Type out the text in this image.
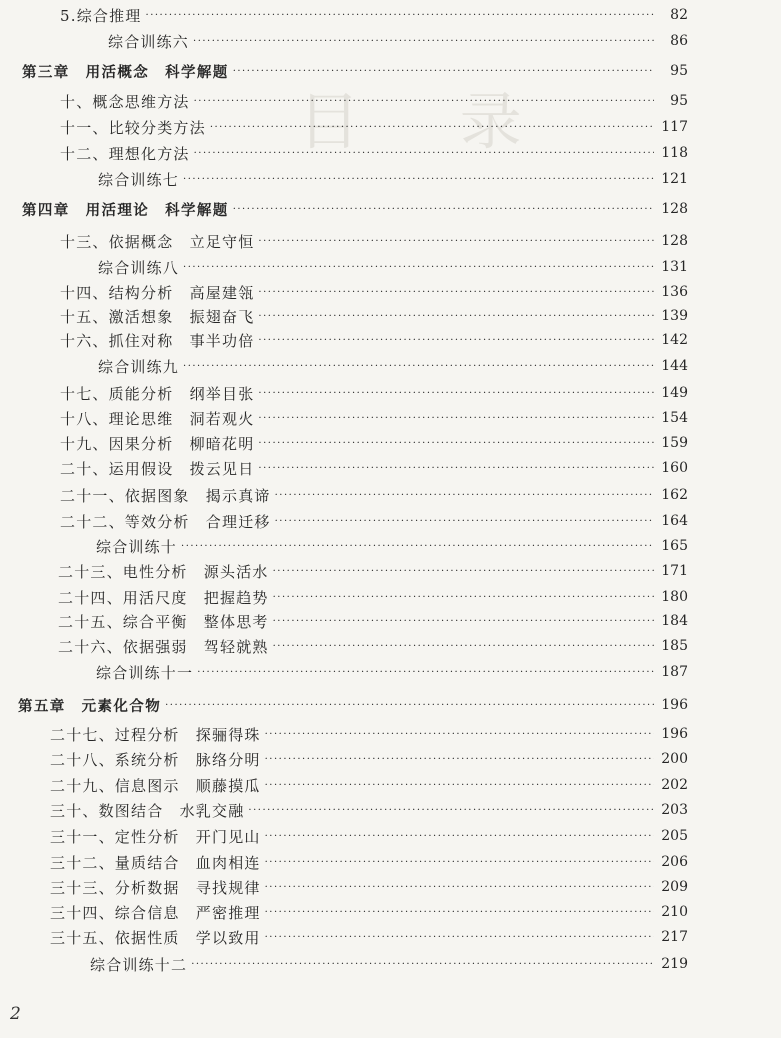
目 录
5.综合推理 ·····	82
综合训练六 ·····	86
第三章　用活概念　科学解题 ·····	95
十、概念思维方法 ·····	95
十一、比较分类方法 ·····	117
十二、理想化方法 ·····	118
综合训练七 ·····	121
第四章　用活理论　科学解题 ·····	128
十三、依据概念　立足守恒 ·····	128
综合训练八 ·····	131
十四、结构分析　高屋建瓴 ·····	136
十五、激活想象　振翅奋飞 ·····	139
十六、抓住对称　事半功倍 ·····	142
综合训练九 ·····	144
十七、质能分析　纲举目张 ·····	149
十八、理论思维　洞若观火 ·····	154
十九、因果分析　柳暗花明 ·····	159
二十、运用假设　拨云见日 ·····	160
二十一、依据图象　揭示真谛 ·····	162
二十二、等效分析　合理迁移 ·····	164
综合训练十 ·····	165
二十三、电性分析　源头活水 ·····	171
二十四、用活尺度　把握趋势 ·····	180
二十五、综合平衡　整体思考 ·····	184
二十六、依据强弱　驾轻就熟 ·····	185
综合训练十一 ·····	187
第五章　元素化合物 ·····	196
二十七、过程分析　探骊得珠 ·····	196
二十八、系统分析　脉络分明 ·····	200
二十九、信息图示　顺藤摸瓜 ·····	202
三十、数图结合　水乳交融 ·····	203
三十一、定性分析　开门见山 ·····	205
三十二、量质结合　血肉相连 ·····	206
三十三、分析数据　寻找规律 ·····	209
三十四、综合信息　严密推理 ·····	210
三十五、依据性质　学以致用 ·····	217
综合训练十二 ·····	219
2
